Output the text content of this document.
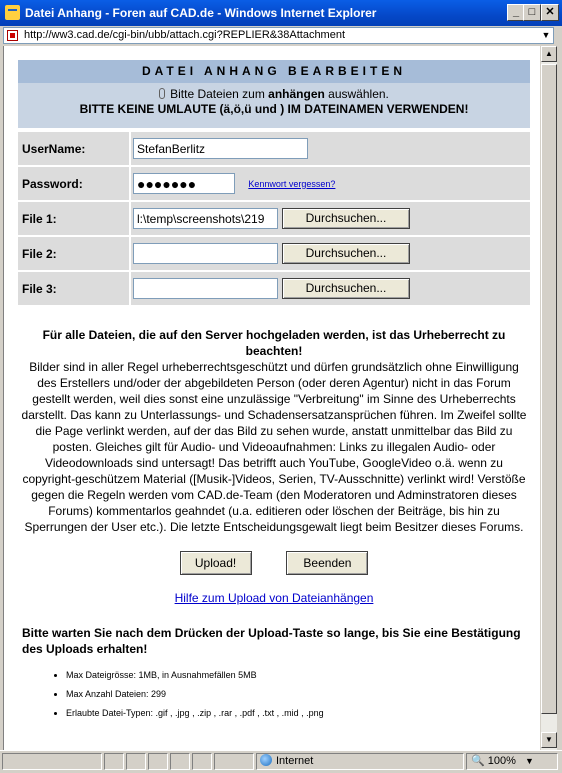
Datei Anhang - Foren auf CAD.de - Windows Internet Explorer	_ □ ✕
http://ww3.cad.de/cgi-bin/ubb/attach.cgi?REPLIER&38Attachment	▼
DATEI ANHANG BEARBEITEN
Bitte Dateien zum anhängen auswählen.
BITTE KEINE UMLAUTE (ä,ö,ü und ) IM DATEINAMEN VERWENDEN!
UserName:	StefanBerlitz
Password:	●●●●●●●Kennwort vergessen?
File 1:	l:\temp\screenshots\219Durchsuchen...
File 2:	Durchsuchen...
File 3:	Durchsuchen...
Für alle Dateien, die auf den Server hochgeladen werden, ist das Urheberrecht zu beachten!
Bilder sind in aller Regel urheberrechtsgeschützt und dürfen grundsätzlich ohne Einwilligung des Erstellers und/oder der abgebildeten Person (oder deren Agentur) nicht in das Forum gestellt werden, weil dies sonst eine unzulässige "Verbreitung" im Sinne des Urheberrechts darstellt. Das kann zu Unterlassungs- und Schadensersatzansprüchen führen. Im Zweifel sollte die Page verlinkt werden, auf der das Bild zu sehen wurde, anstatt unmittelbar das Bild zu posten. Gleiches gilt für Audio- und Videoaufnahmen: Links zu illegalen Audio- oder Videodownloads sind untersagt! Das betrifft auch YouTube, GoogleVideo o.ä. wenn zu copyright-geschützem Material ([Musik-]Videos, Serien, TV-Ausschnitte) verlinkt wird! Verstöße gegen die Regeln werden vom CAD.de-Team (den Moderatoren und Adminstratoren dieses Forums) kommentarlos geahndet (u.a. editieren oder löschen der Beiträge, bis hin zu Sperrungen der User etc.). Die letzte Entscheidungsgewalt liegt beim Besitzer dieses Forums.
Upload!	Beenden
Hilfe zum Upload von Dateianhängen
Bitte warten Sie nach dem Drücken der Upload-Taste so lange, bis Sie eine Bestätigung des Uploads erhalten!
• Max Dateigrösse: 1MB, in Ausnahmefällen 5MB
• Max Anzahl Dateien: 299
• Erlaubte Datei-Typen: .gif , .jpg , .zip , .rar , .pdf , .txt , .mid , .png
▲
▼
Internet	🔍 100% ▼
